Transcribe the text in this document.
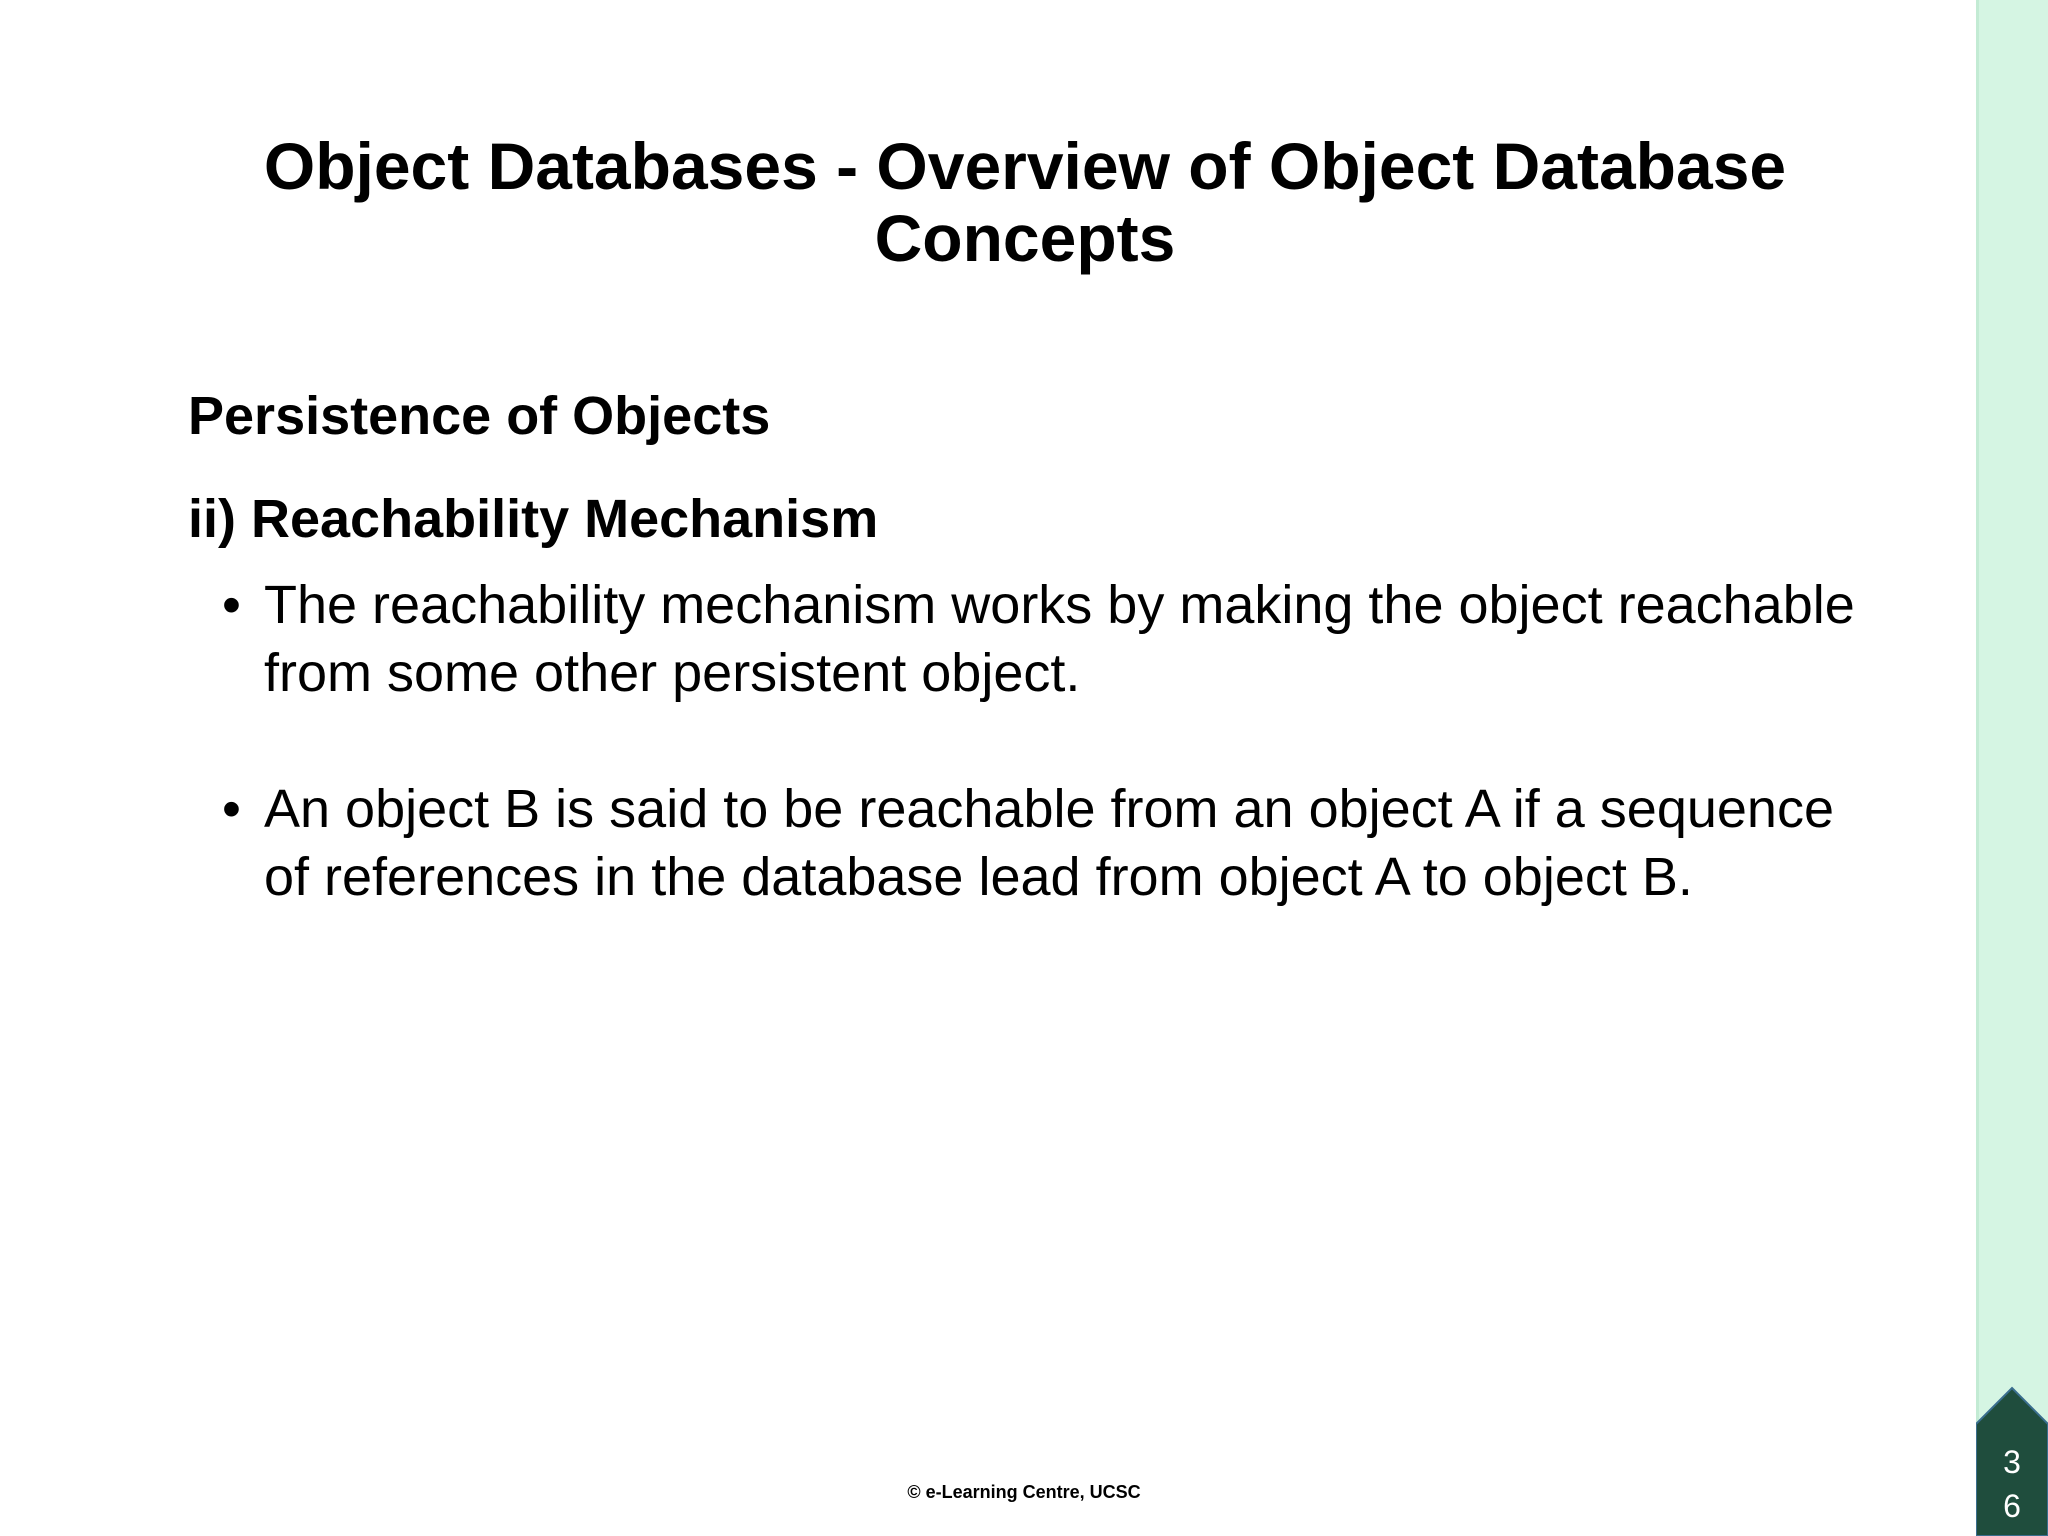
Object Databases - Overview of Object Database Concepts
Persistence of Objects
ii) Reachability Mechanism
• The reachability mechanism works by making the object reachable from some other persistent object.
• An object B is said to be reachable from an object A if a sequence of references in the database lead from object A to object B.
© e-Learning Centre, UCSC
3
6
